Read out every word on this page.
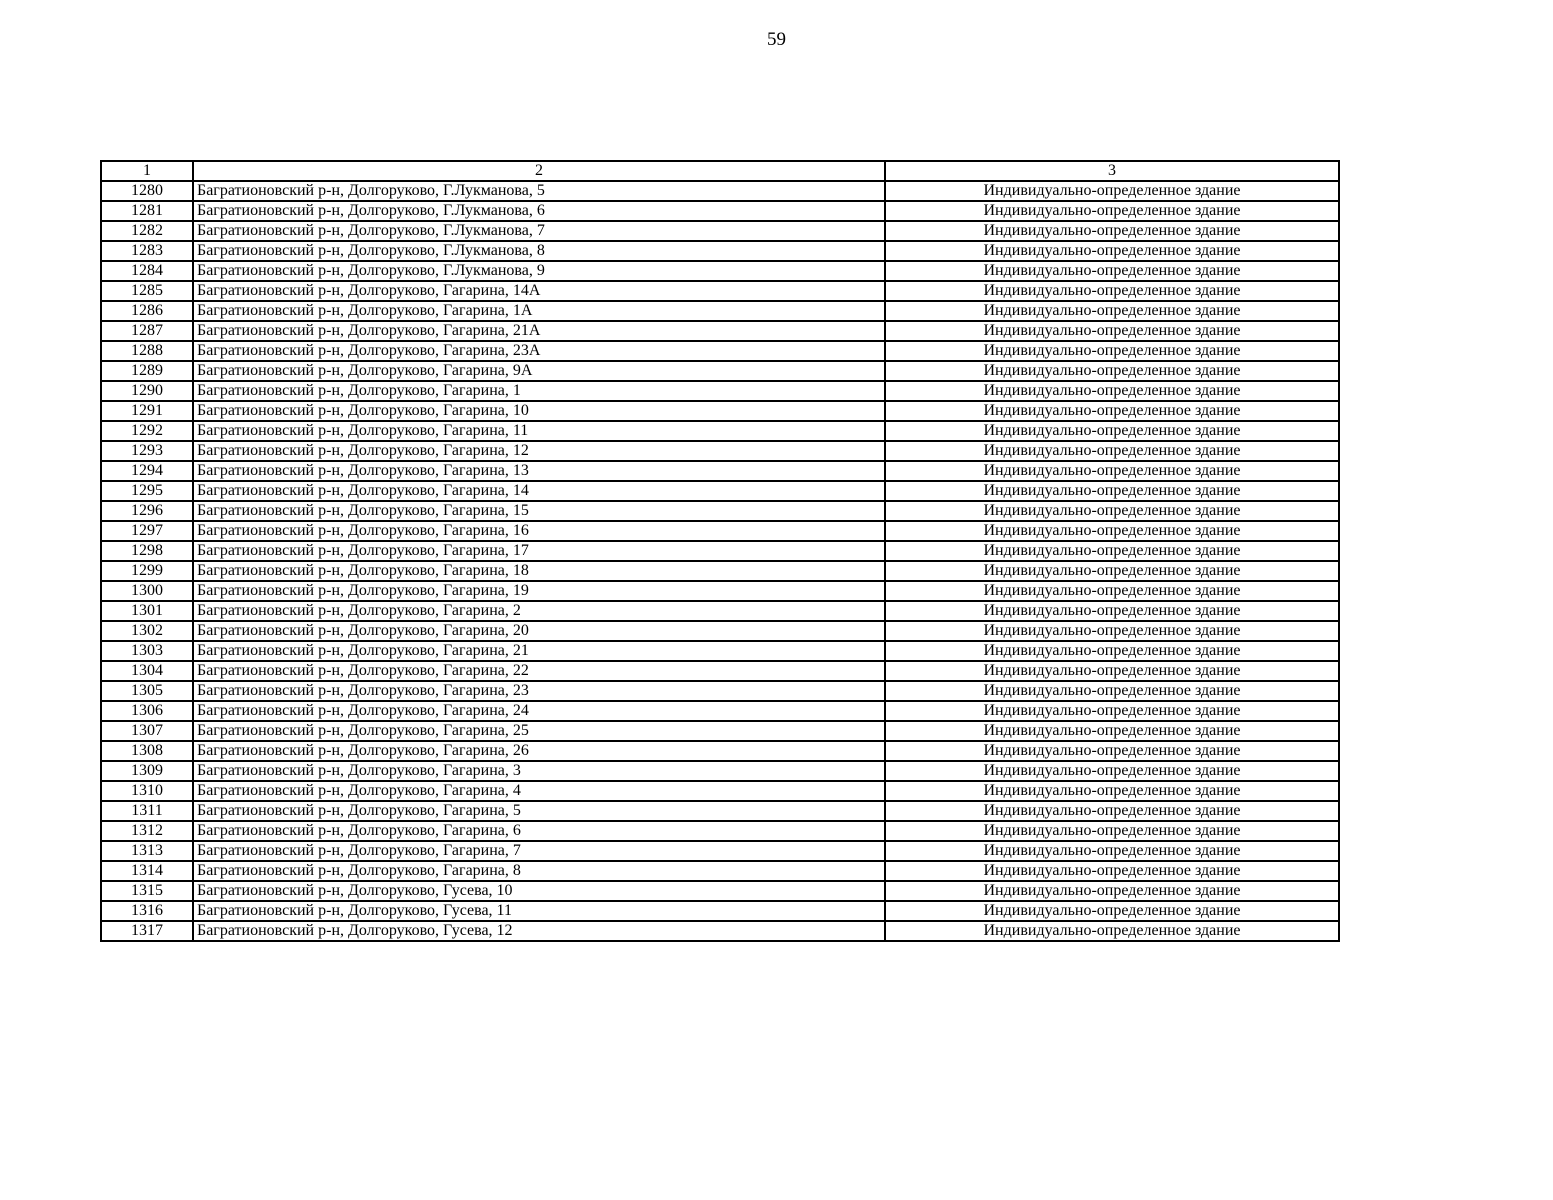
59
1	2	3
1280	Багратионовский р-н, Долгоруково, Г.Лукманова, 5	Индивидуально-определенное здание
1281	Багратионовский р-н, Долгоруково, Г.Лукманова, 6	Индивидуально-определенное здание
1282	Багратионовский р-н, Долгоруково, Г.Лукманова, 7	Индивидуально-определенное здание
1283	Багратионовский р-н, Долгоруково, Г.Лукманова, 8	Индивидуально-определенное здание
1284	Багратионовский р-н, Долгоруково, Г.Лукманова, 9	Индивидуально-определенное здание
1285	Багратионовский р-н, Долгоруково, Гагарина, 14А	Индивидуально-определенное здание
1286	Багратионовский р-н, Долгоруково, Гагарина, 1А	Индивидуально-определенное здание
1287	Багратионовский р-н, Долгоруково, Гагарина, 21А	Индивидуально-определенное здание
1288	Багратионовский р-н, Долгоруково, Гагарина, 23А	Индивидуально-определенное здание
1289	Багратионовский р-н, Долгоруково, Гагарина, 9А	Индивидуально-определенное здание
1290	Багратионовский р-н, Долгоруково, Гагарина, 1	Индивидуально-определенное здание
1291	Багратионовский р-н, Долгоруково, Гагарина, 10	Индивидуально-определенное здание
1292	Багратионовский р-н, Долгоруково, Гагарина, 11	Индивидуально-определенное здание
1293	Багратионовский р-н, Долгоруково, Гагарина, 12	Индивидуально-определенное здание
1294	Багратионовский р-н, Долгоруково, Гагарина, 13	Индивидуально-определенное здание
1295	Багратионовский р-н, Долгоруково, Гагарина, 14	Индивидуально-определенное здание
1296	Багратионовский р-н, Долгоруково, Гагарина, 15	Индивидуально-определенное здание
1297	Багратионовский р-н, Долгоруково, Гагарина, 16	Индивидуально-определенное здание
1298	Багратионовский р-н, Долгоруково, Гагарина, 17	Индивидуально-определенное здание
1299	Багратионовский р-н, Долгоруково, Гагарина, 18	Индивидуально-определенное здание
1300	Багратионовский р-н, Долгоруково, Гагарина, 19	Индивидуально-определенное здание
1301	Багратионовский р-н, Долгоруково, Гагарина, 2	Индивидуально-определенное здание
1302	Багратионовский р-н, Долгоруково, Гагарина, 20	Индивидуально-определенное здание
1303	Багратионовский р-н, Долгоруково, Гагарина, 21	Индивидуально-определенное здание
1304	Багратионовский р-н, Долгоруково, Гагарина, 22	Индивидуально-определенное здание
1305	Багратионовский р-н, Долгоруково, Гагарина, 23	Индивидуально-определенное здание
1306	Багратионовский р-н, Долгоруково, Гагарина, 24	Индивидуально-определенное здание
1307	Багратионовский р-н, Долгоруково, Гагарина, 25	Индивидуально-определенное здание
1308	Багратионовский р-н, Долгоруково, Гагарина, 26	Индивидуально-определенное здание
1309	Багратионовский р-н, Долгоруково, Гагарина, 3	Индивидуально-определенное здание
1310	Багратионовский р-н, Долгоруково, Гагарина, 4	Индивидуально-определенное здание
1311	Багратионовский р-н, Долгоруково, Гагарина, 5	Индивидуально-определенное здание
1312	Багратионовский р-н, Долгоруково, Гагарина, 6	Индивидуально-определенное здание
1313	Багратионовский р-н, Долгоруково, Гагарина, 7	Индивидуально-определенное здание
1314	Багратионовский р-н, Долгоруково, Гагарина, 8	Индивидуально-определенное здание
1315	Багратионовский р-н, Долгоруково, Гусева, 10	Индивидуально-определенное здание
1316	Багратионовский р-н, Долгоруково, Гусева, 11	Индивидуально-определенное здание
1317	Багратионовский р-н, Долгоруково, Гусева, 12	Индивидуально-определенное здание
